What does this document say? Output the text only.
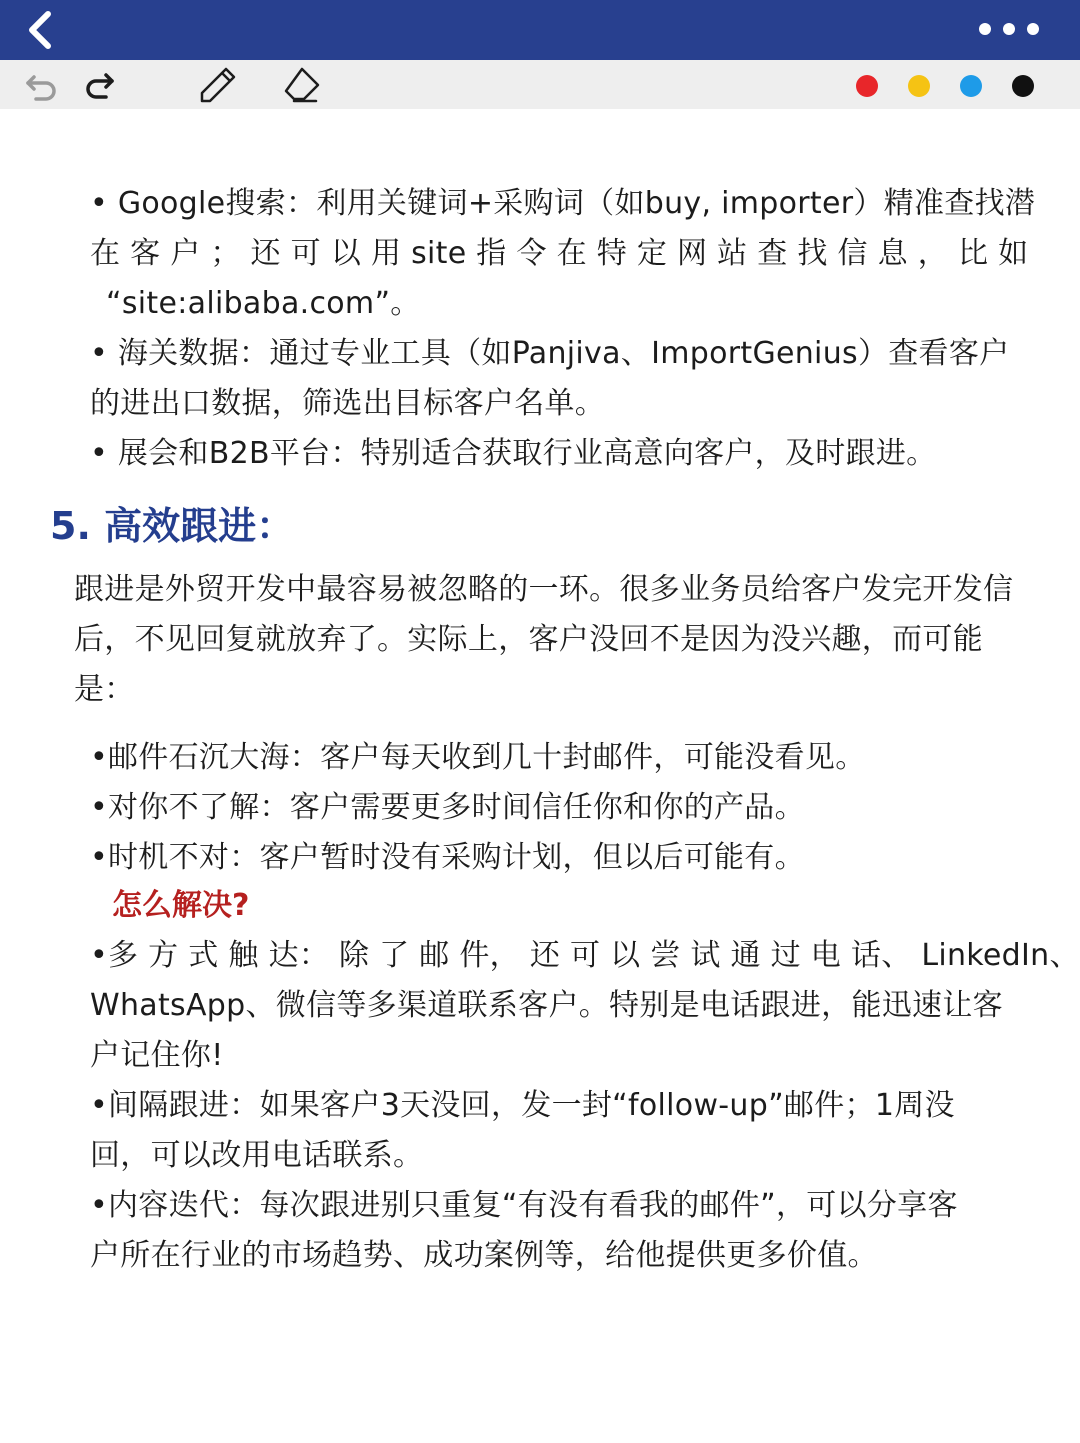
• Google搜索：利用关键词+采购词（如buy, importer）精准查找潜
在 客 户 ； 还 可 以 用 site 指 令 在 特 定 网 站 查 找 信 息 ， 比 如
“site:alibaba.com”。
• 海关数据：通过专业工具（如Panjiva、ImportGenius）查看客户
的进出口数据，筛选出目标客户名单。
• 展会和B2B平台：特别适合获取行业高意向客户，及时跟进。
5. 高效跟进：
跟进是外贸开发中最容易被忽略的一环。很多业务员给客户发完开发信
后，不见回复就放弃了。实际上，客户没回不是因为没兴趣，而可能
是：
•邮件石沉大海：客户每天收到几十封邮件，可能没看见。
•对你不了解：客户需要更多时间信任你和你的产品。
•时机不对：客户暂时没有采购计划，但以后可能有。
怎么解决?
•多 方 式 触 达： 除 了 邮 件， 还 可 以 尝 试 通 过 电 话、 LinkedIn、
WhatsApp、微信等多渠道联系客户。特别是电话跟进，能迅速让客
户记住你!
•间隔跟进：如果客户3天没回，发一封“follow-up”邮件；1周没
回，可以改用电话联系。
•内容迭代：每次跟进别只重复“有没有看我的邮件”，可以分享客
户所在行业的市场趋势、成功案例等，给他提供更多价值。
